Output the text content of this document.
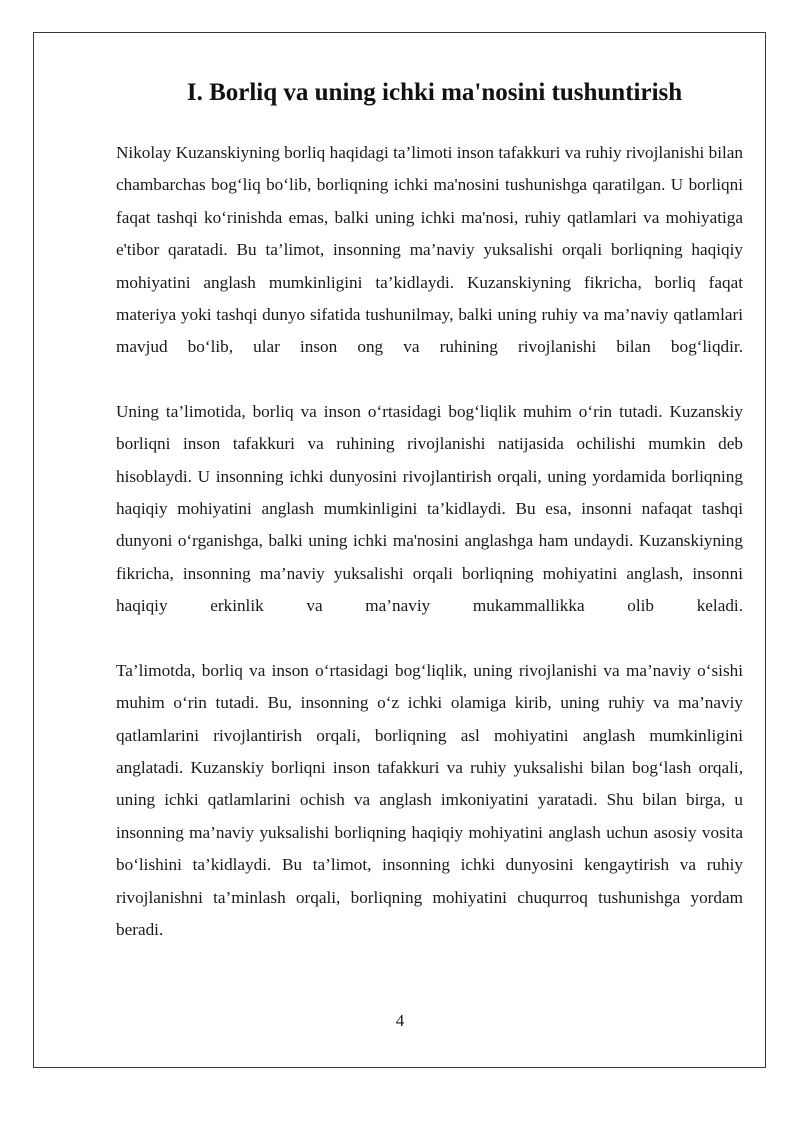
I. Borliq va uning ichki ma'nosini tushuntirish

Nikolay Kuzanskiyning borliq haqidagi ta’limoti inson tafakkuri va ruhiy rivojlanishi bilan chambarchas bog‘liq bo‘lib, borliqning ichki ma'nosini tushunishga qaratilgan. U borliqni faqat tashqi ko‘rinishda emas, balki uning ichki ma'nosi, ruhiy qatlamlari va mohiyatiga e'tibor qaratadi. Bu ta’limot, insonning ma’naviy yuksalishi orqali borliqning haqiqiy mohiyatini anglash mumkinligini ta’kidlaydi. Kuzanskiyning fikricha, borliq faqat materiya yoki tashqi dunyo sifatida tushunilmay, balki uning ruhiy va ma’naviy qatlamlari mavjud bo‘lib, ular inson ong va ruhining rivojlanishi bilan bog‘liqdir.

Uning ta’limotida, borliq va inson o‘rtasidagi bog‘liqlik muhim o‘rin tutadi. Kuzanskiy borliqni inson tafakkuri va ruhining rivojlanishi natijasida ochilishi mumkin deb hisoblaydi. U insonning ichki dunyosini rivojlantirish orqali, uning yordamida borliqning haqiqiy mohiyatini anglash mumkinligini ta’kidlaydi. Bu esa, insonni nafaqat tashqi dunyoni o‘rganishga, balki uning ichki ma'nosini anglashga ham undaydi. Kuzanskiyning fikricha, insonning ma’naviy yuksalishi orqali borliqning mohiyatini anglash, insonni haqiqiy erkinlik va ma’naviy mukammallikka olib keladi.

Ta’limotda, borliq va inson o‘rtasidagi bog‘liqlik, uning rivojlanishi va ma’naviy o‘sishi muhim o‘rin tutadi. Bu, insonning o‘z ichki olamiga kirib, uning ruhiy va ma’naviy qatlamlarini rivojlantirish orqali, borliqning asl mohiyatini anglash mumkinligini anglatadi. Kuzanskiy borliqni inson tafakkuri va ruhiy yuksalishi bilan bog‘lash orqali, uning ichki qatlamlarini ochish va anglash imkoniyatini yaratadi. Shu bilan birga, u insonning ma’naviy yuksalishi borliqning haqiqiy mohiyatini anglash uchun asosiy vosita bo‘lishini ta’kidlaydi. Bu ta’limot, insonning ichki dunyosini kengaytirish va ruhiy rivojlanishni ta’minlash orqali, borliqning mohiyatini chuqurroq tushunishga yordam beradi.

4
